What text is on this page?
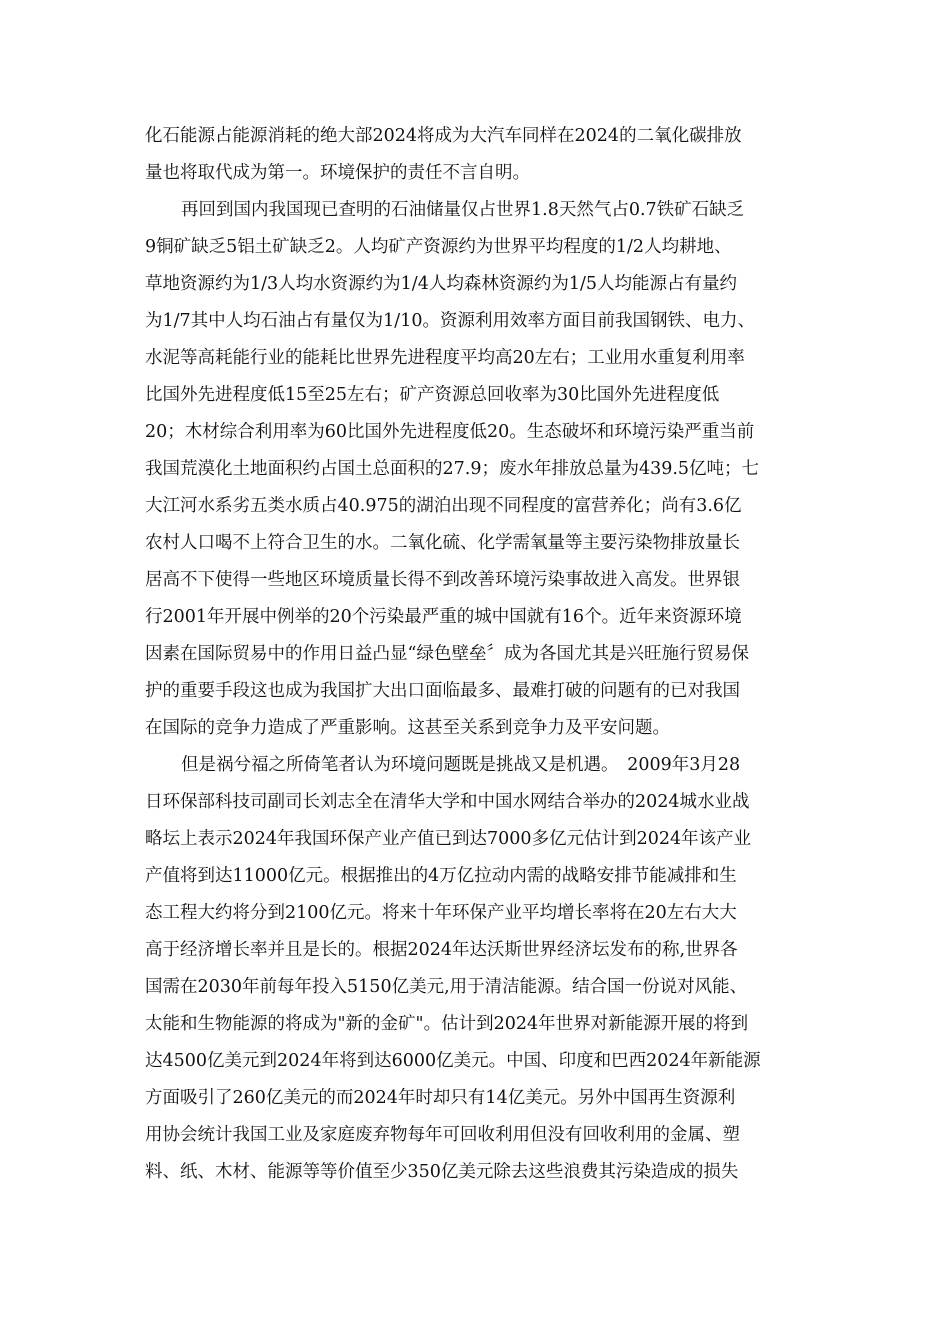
化石能源占能源消耗的绝大部2024将成为大汽车同样在2024的二氧化碳排放
量也将取代成为第一。环境保护的责任不言自明。
再回到国内我国现已查明的石油储量仅占世界1.8天然气占0.7铁矿石缺乏
9铜矿缺乏5铝土矿缺乏2。人均矿产资源约为世界平均程度的1/2人均耕地、
草地资源约为1/3人均水资源约为1/4人均森林资源约为1/5人均能源占有量约
为1/7其中人均石油占有量仅为1/10。资源利用效率方面目前我国钢铁、电力、
水泥等高耗能行业的能耗比世界先进程度平均高20左右；工业用水重复利用率
比国外先进程度低15至25左右；矿产资源总回收率为30比国外先进程度低
20；木材综合利用率为60比国外先进程度低20。生态破坏和环境污染严重当前
我国荒漠化土地面积约占国土总面积的27.9；废水年排放总量为439.5亿吨；七
大江河水系劣五类水质占40.975的湖泊出现不同程度的富营养化；尚有3.6亿
农村人口喝不上符合卫生的水。二氧化硫、化学需氧量等主要污染物排放量长
居高不下使得一些地区环境质量长得不到改善环境污染事故进入高发。世界银
行2001年开展中例举的20个污染最严重的城中国就有16个。近年来资源环境
因素在国际贸易中的作用日益凸显“绿色壁垒〞成为各国尤其是兴旺施行贸易保
护的重要手段这也成为我国扩大出口面临最多、最难打破的问题有的已对我国
在国际的竞争力造成了严重影响。这甚至关系到竞争力及平安问题。
但是祸兮福之所倚笔者认为环境问题既是挑战又是机遇。　2009年3月28
日环保部科技司副司长刘志全在清华大学和中国水网结合举办的2024城水业战
略坛上表示2024年我国环保产业产值已到达7000多亿元估计到2024年该产业
产值将到达11000亿元。根据推出的4万亿拉动内需的战略安排节能减排和生
态工程大约将分到2100亿元。将来十年环保产业平均增长率将在20左右大大
高于经济增长率并且是长的。根据2024年达沃斯世界经济坛发布的称,世界各
国需在2030年前每年投入5150亿美元,用于清洁能源。结合国一份说对风能、
太能和生物能源的将成为"新的金矿"。估计到2024年世界对新能源开展的将到
达4500亿美元到2024年将到达6000亿美元。中国、印度和巴西2024年新能源
方面吸引了260亿美元的而2024年时却只有14亿美元。另外中国再生资源利
用协会统计我国工业及家庭废弃物每年可回收利用但没有回收利用的金属、塑
料、纸、木材、能源等等价值至少350亿美元除去这些浪费其污染造成的损失
